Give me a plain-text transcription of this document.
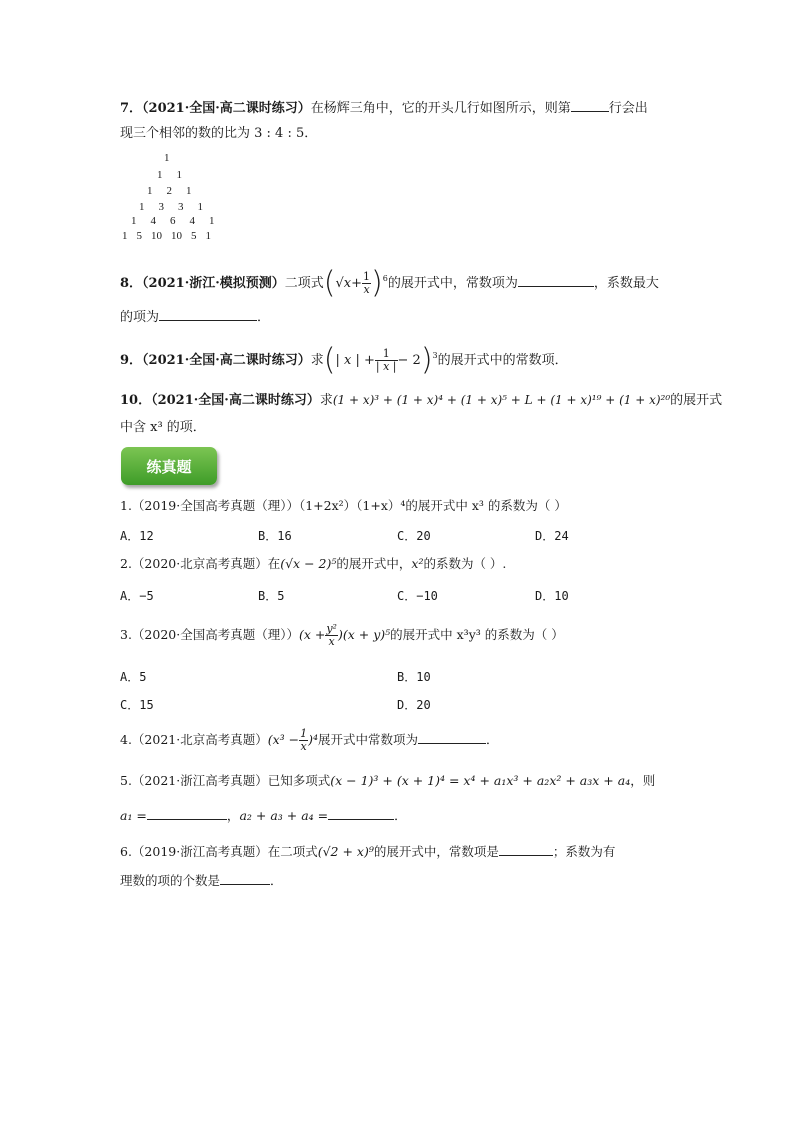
7．（2021·全国·高二课时练习）在杨辉三角中，它的开头几行如图所示，则第	行会出
现三个相邻的数的比为 3 : 4 : 5．
1
1 1
1 2 1
1 3 3 1
1 4 6 4 1
1 5 10 10 5 1
8．（2021·浙江·模拟预测）二项式$(√x+ \frac{1}{x} )^6$的展开式中，常数项为	，系数最大
的项为	．
9．（2021·全国·高二课时练习）求(| x | + $\frac{1}{| x |} - 2)^3$的展开式中的常数项．
10．（2021·全国·高二课时练习）求(1 + x)³ + (1 + x)⁴ + (1 + x)⁵ + L + (1 + x)¹⁹ + (1 + x)²⁰的展开式
中含 x³ 的项．
练真题
1.（2019·全国高考真题（理））（1+2x²）（1+x）⁴的展开式中 x³ 的系数为（ ）
A．12	B．16	C．20	D．24
2.（2020·北京高考真题）在(√x − 2)⁵的展开式中，x²的系数为（ ）.
A．−5	B．5	C．−10	D．10
3.（2020·全国高考真题（理））$(x + \frac{\text{y²}}{x} )(x + y)^5$的展开式中 x³y³ 的系数为（ ）
A．5	B．10
C．15	D．20
4.（2021·北京高考真题）$(x^3 - \frac{1}{x} )^4$展开式中常数项为	．
5.（2021·浙江高考真题）已知多项式(x − 1)³ + (x + 1)⁴ = x⁴ + a₁x³ + a₂x² + a₃x + a₄，则
a₁ =	，a₂ + a₃ + a₄ =	．
6.（2019·浙江高考真题）在二项式(√2 + x)⁹的展开式中，常数项是	；系数为有
理数的项的个数是	．
